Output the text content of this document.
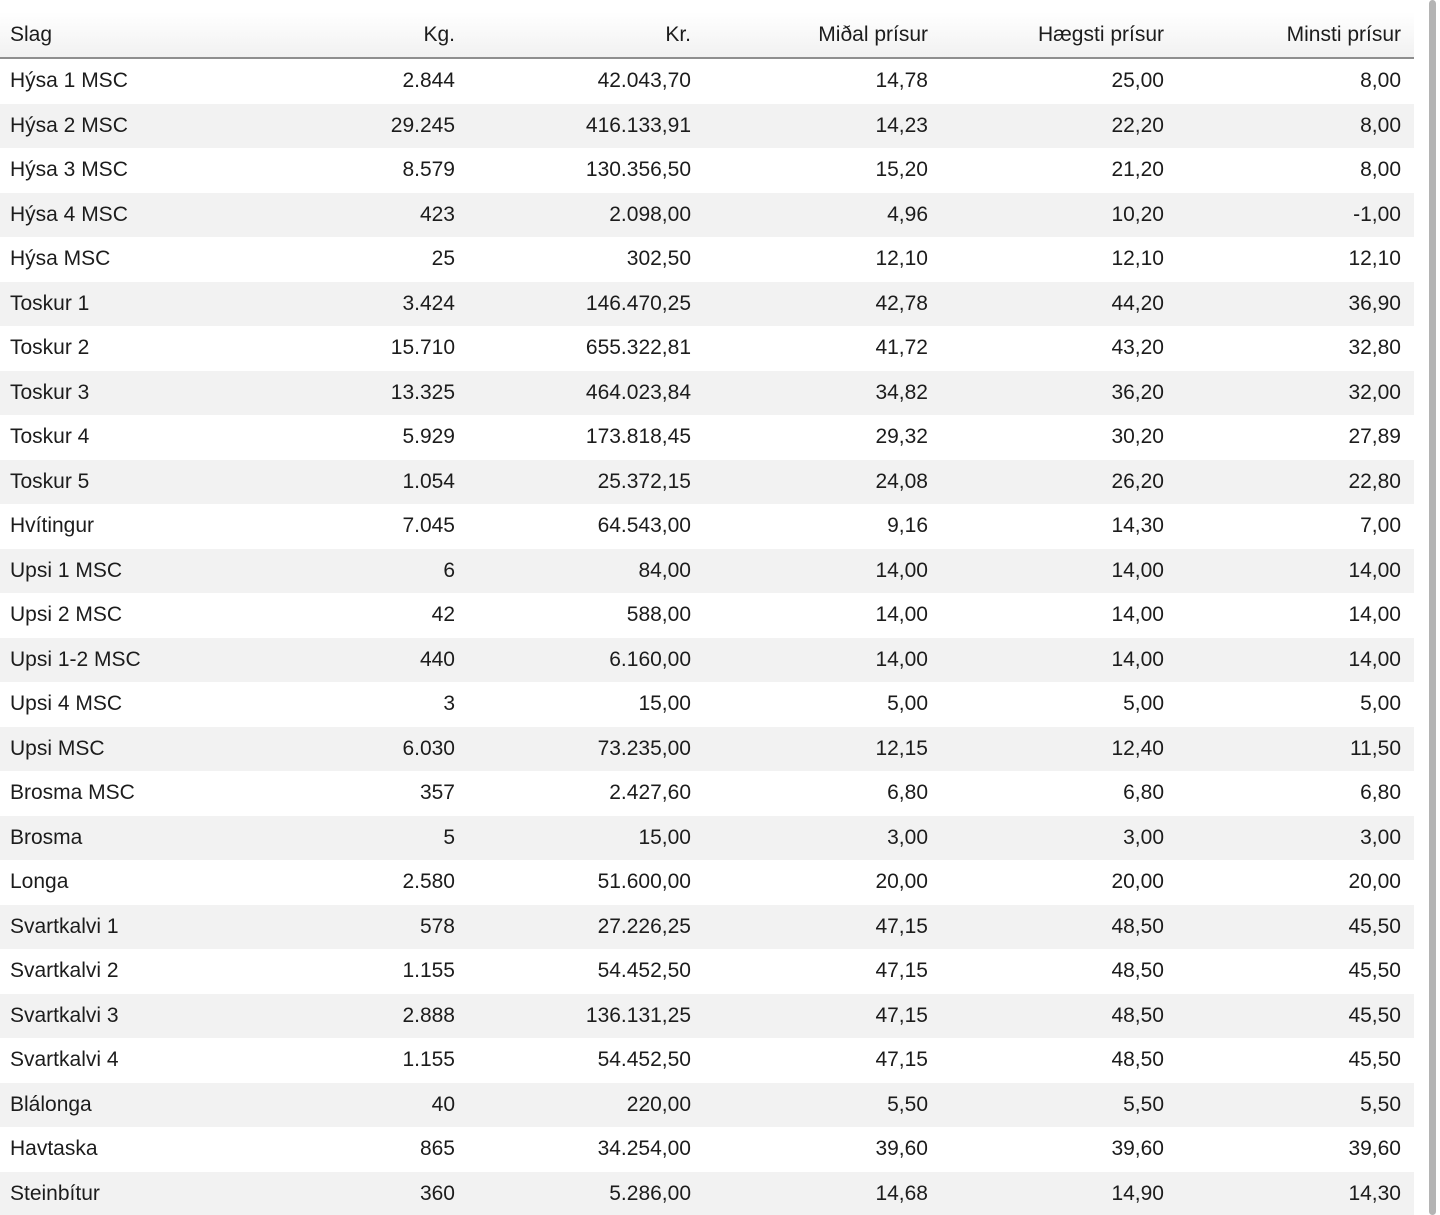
Slag	Kg.	Kr.	Miðal prísur	Hægsti prísur	Minsti prísur
Hýsa 1 MSC	2.844	42.043,70	14,78	25,00	8,00
Hýsa 2 MSC	29.245	416.133,91	14,23	22,20	8,00
Hýsa 3 MSC	8.579	130.356,50	15,20	21,20	8,00
Hýsa 4 MSC	423	2.098,00	4,96	10,20	-1,00
Hýsa MSC	25	302,50	12,10	12,10	12,10
Toskur 1	3.424	146.470,25	42,78	44,20	36,90
Toskur 2	15.710	655.322,81	41,72	43,20	32,80
Toskur 3	13.325	464.023,84	34,82	36,20	32,00
Toskur 4	5.929	173.818,45	29,32	30,20	27,89
Toskur 5	1.054	25.372,15	24,08	26,20	22,80
Hvítingur	7.045	64.543,00	9,16	14,30	7,00
Upsi 1 MSC	6	84,00	14,00	14,00	14,00
Upsi 2 MSC	42	588,00	14,00	14,00	14,00
Upsi 1-2 MSC	440	6.160,00	14,00	14,00	14,00
Upsi 4 MSC	3	15,00	5,00	5,00	5,00
Upsi MSC	6.030	73.235,00	12,15	12,40	11,50
Brosma MSC	357	2.427,60	6,80	6,80	6,80
Brosma	5	15,00	3,00	3,00	3,00
Longa	2.580	51.600,00	20,00	20,00	20,00
Svartkalvi 1	578	27.226,25	47,15	48,50	45,50
Svartkalvi 2	1.155	54.452,50	47,15	48,50	45,50
Svartkalvi 3	2.888	136.131,25	47,15	48,50	45,50
Svartkalvi 4	1.155	54.452,50	47,15	48,50	45,50
Blálonga	40	220,00	5,50	5,50	5,50
Havtaska	865	34.254,00	39,60	39,60	39,60
Steinbítur	360	5.286,00	14,68	14,90	14,30
